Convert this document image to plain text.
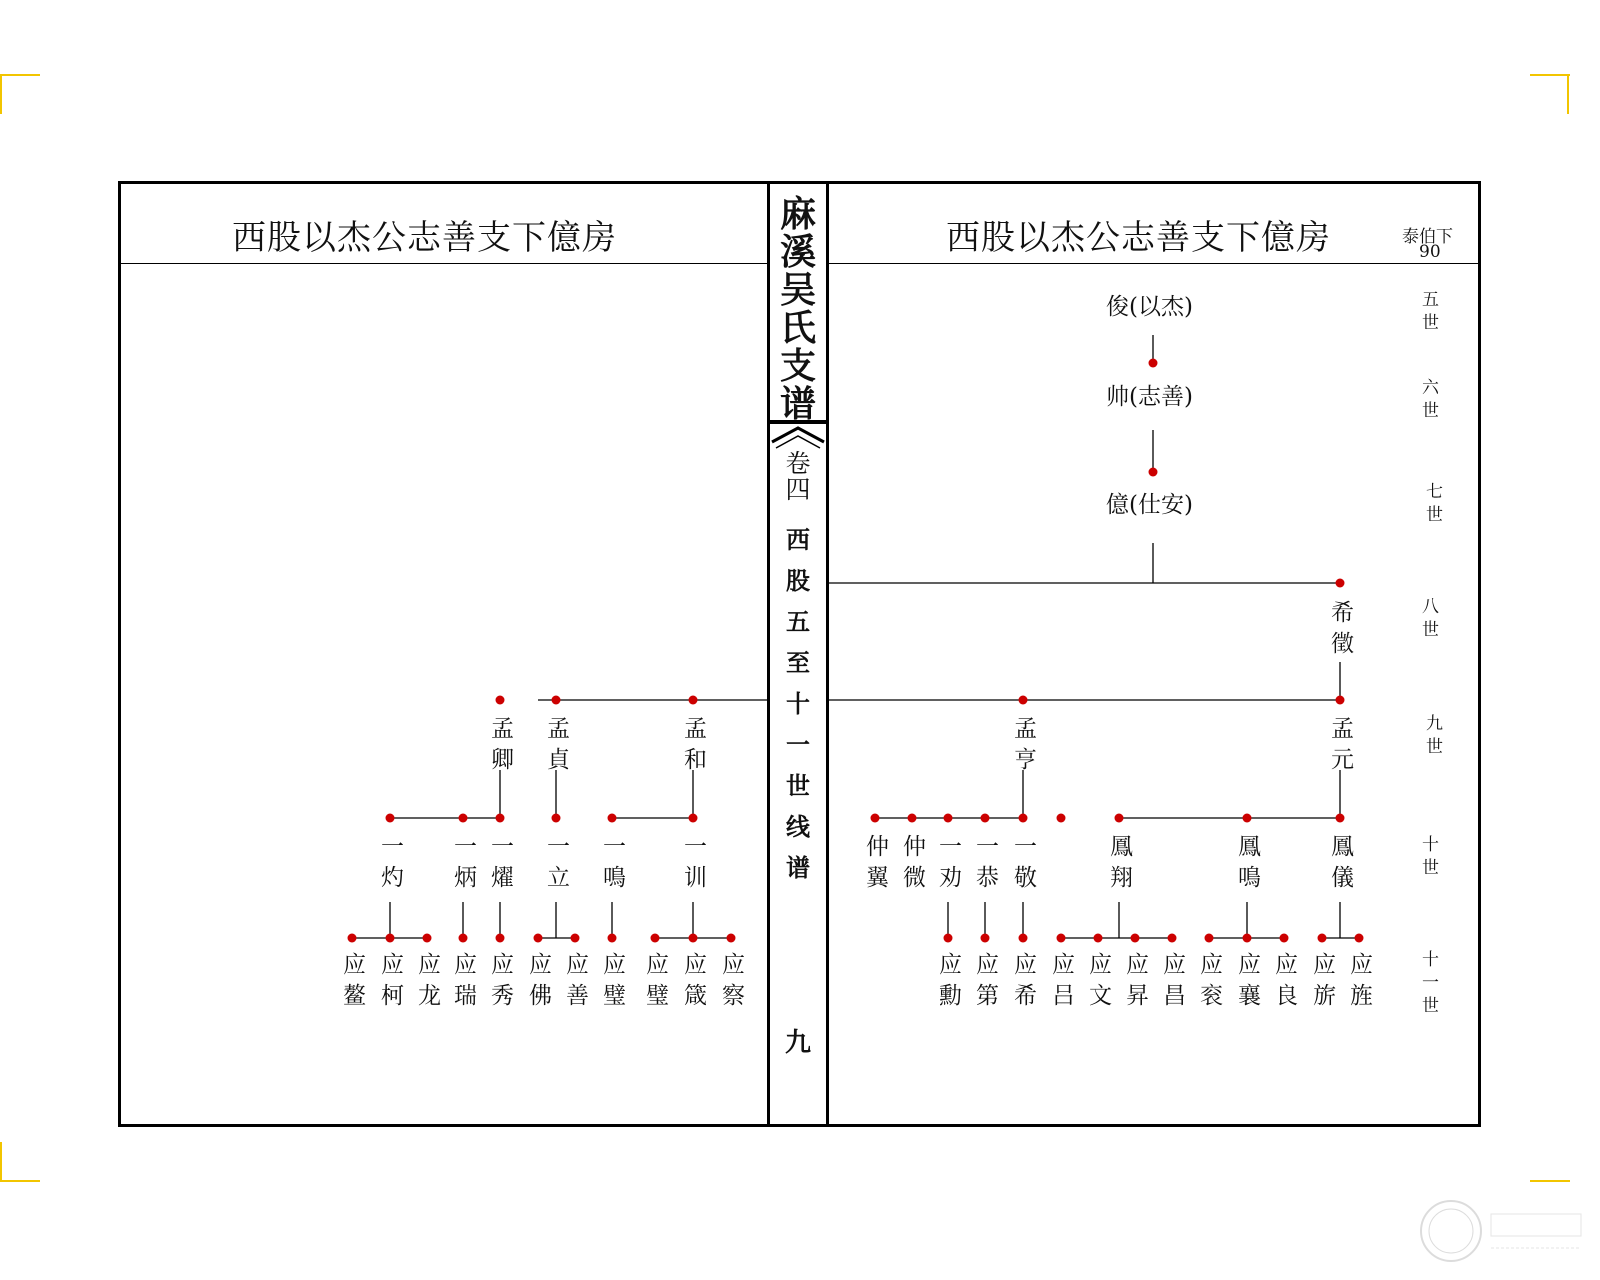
西股以杰公志善支下億房	西股以杰公志善支下億房	泰伯下
90
麻
溪
吴
氏
支
谱
卷
四
西
股
五
至
十
一
世
线
谱
九
五世
六世
七世
八世
九世
十世
十一世
俊(以杰)
帅(志善)
億(仕安)
希徵
孟亨	孟元
仲翼 仲微 一劝 一恭 一敬	鳳翔	鳳鳴	鳳儀
应勳 应第 应希 应吕 应文 应昇 应昌 应衮 应襄 应良 应旂 应旌
孟卿 孟貞	孟和
一灼 一炳 一燿 一立 一鳴 一训
应鳌 应柯 应龙 应瑞 应秀 应佛 应善 应璧 应璧 应箴 应察
